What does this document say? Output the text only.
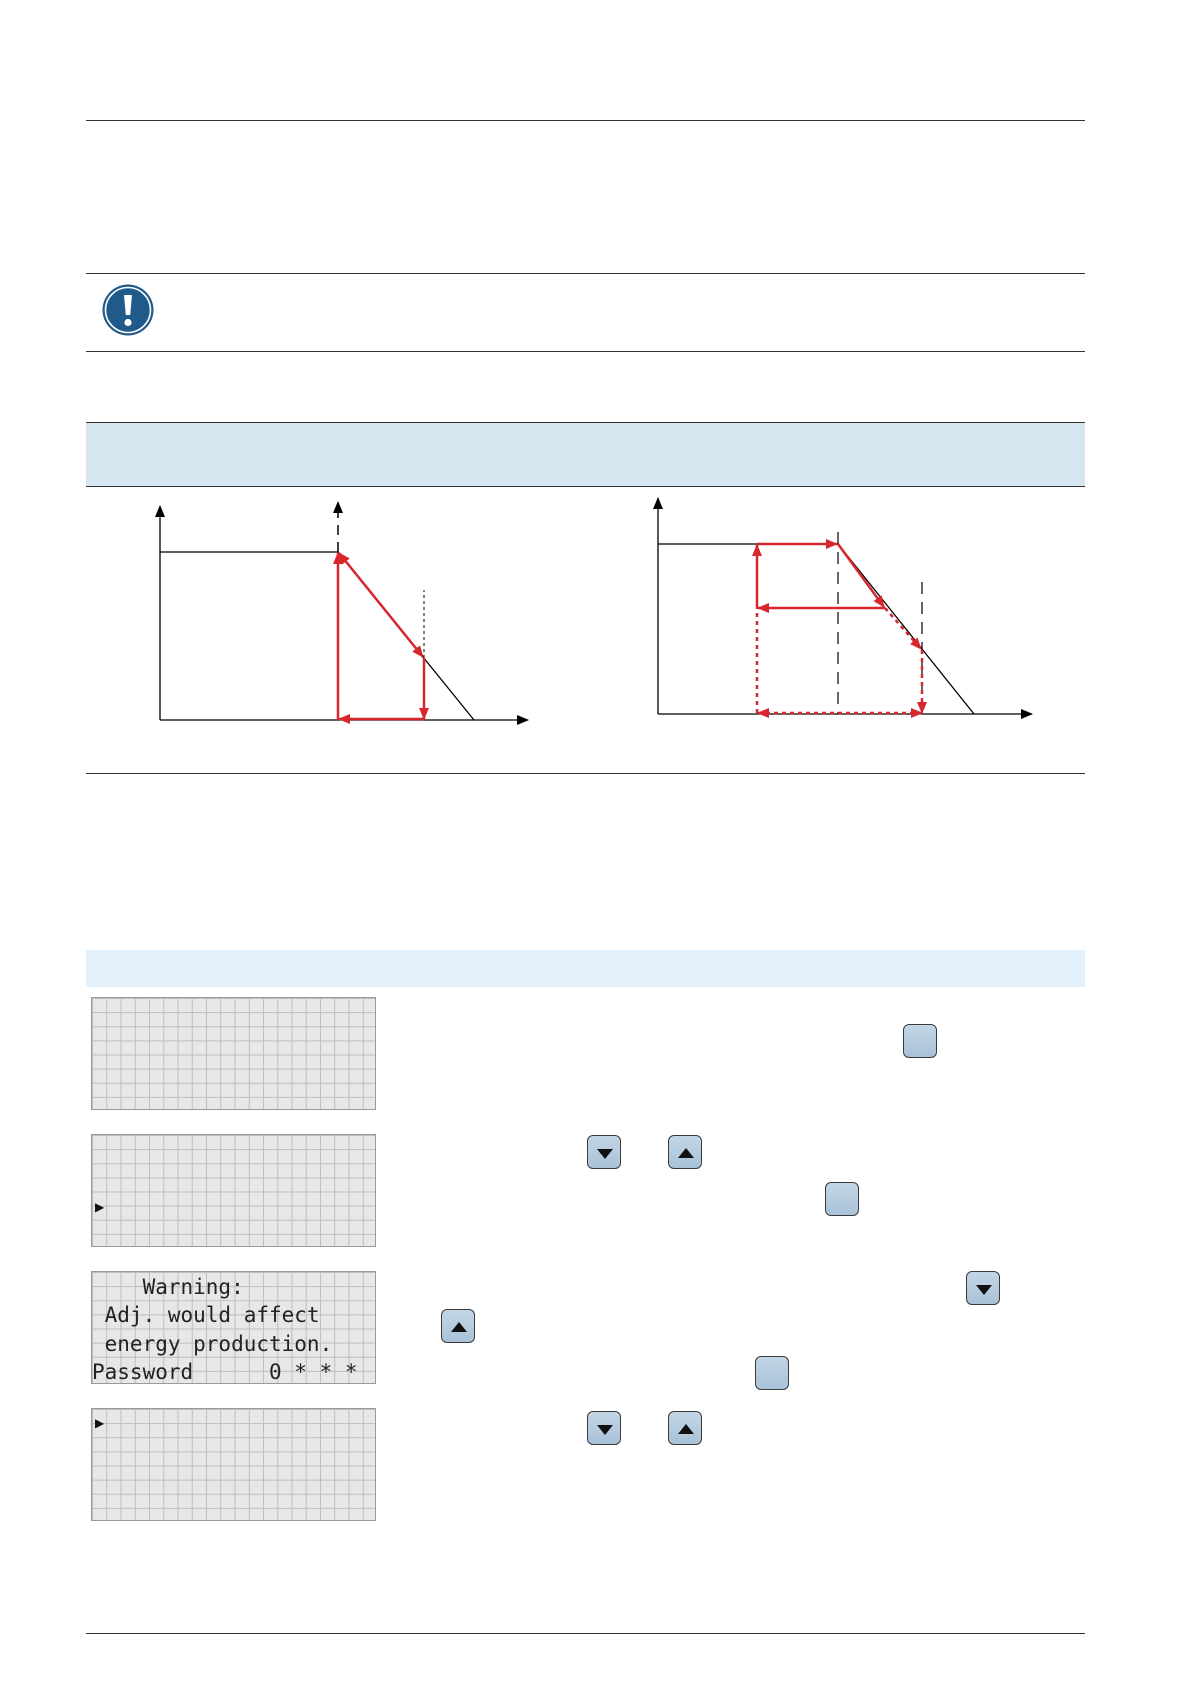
▶
Warning:
Adj. would affect
energy production.
Password      0 * * *
▶
